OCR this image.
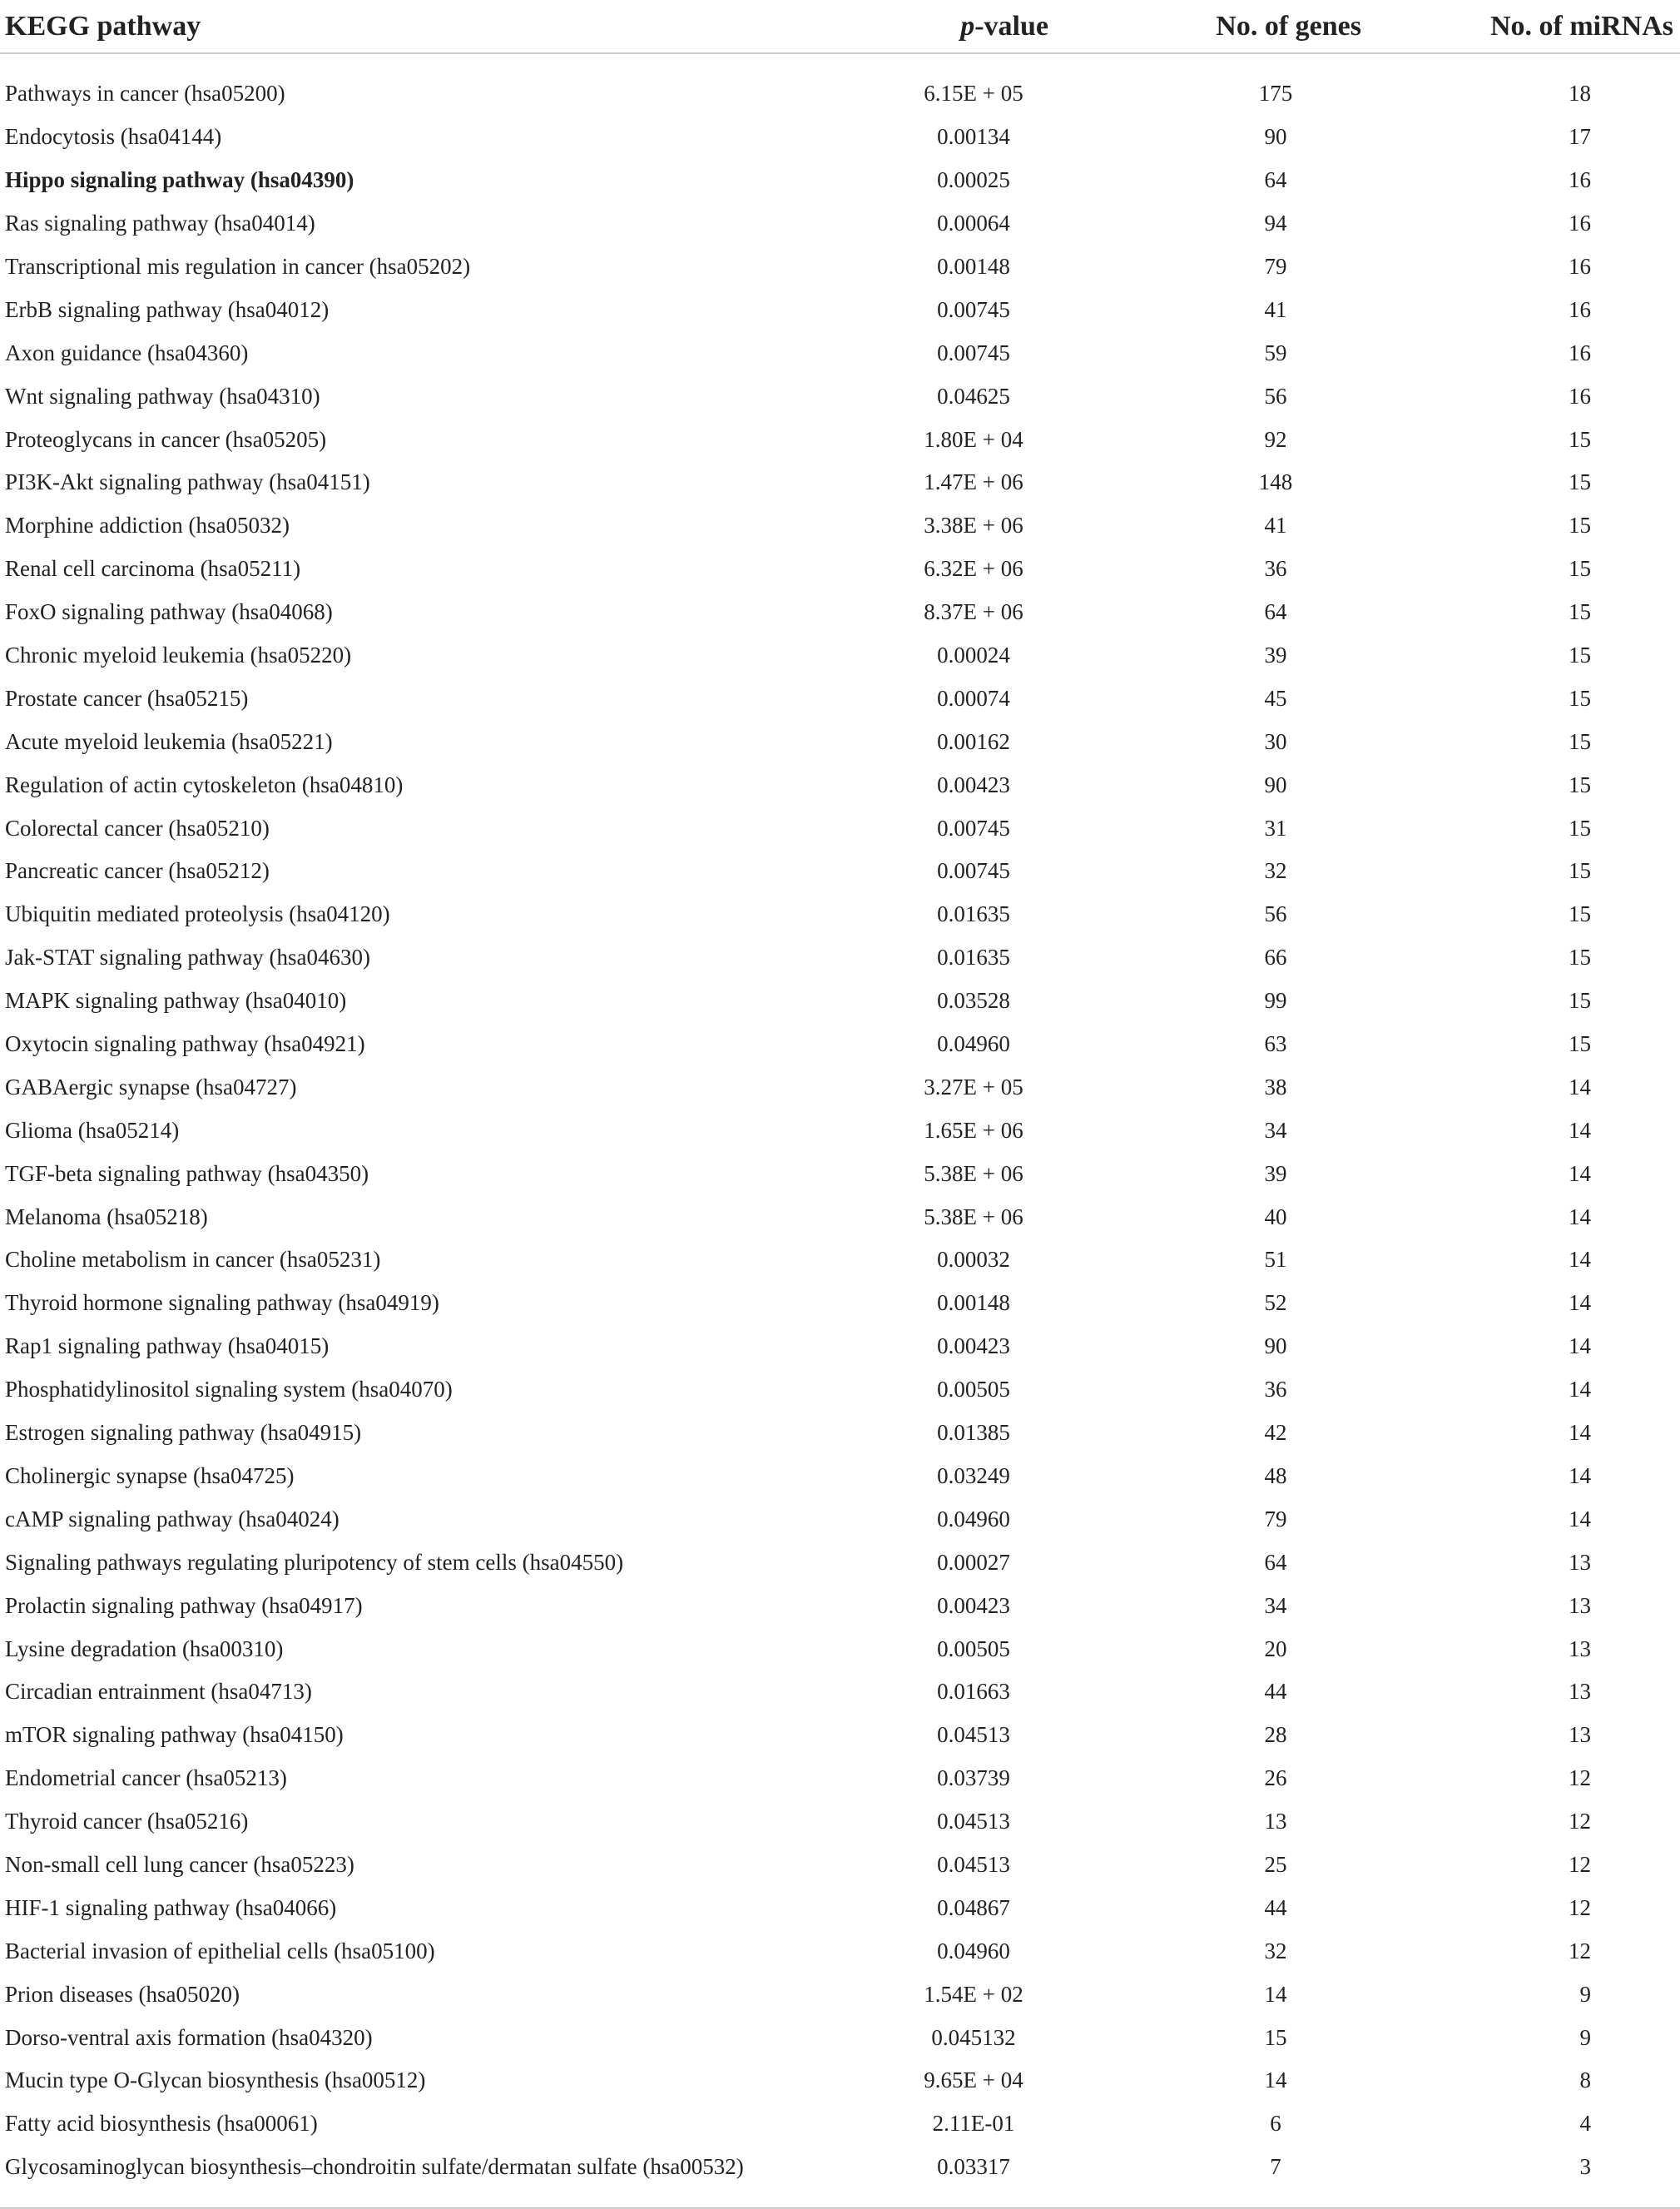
KEGG pathway	p-value	No. of genes	No. of miRNAs

Pathways in cancer (hsa05200)	6.15E + 05	175	18
Endocytosis (hsa04144)	0.00134	90	17
Hippo signaling pathway (hsa04390)	0.00025	64	16
Ras signaling pathway (hsa04014)	0.00064	94	16
Transcriptional mis regulation in cancer (hsa05202)	0.00148	79	16
ErbB signaling pathway (hsa04012)	0.00745	41	16
Axon guidance (hsa04360)	0.00745	59	16
Wnt signaling pathway (hsa04310)	0.04625	56	16
Proteoglycans in cancer (hsa05205)	1.80E + 04	92	15
PI3K-Akt signaling pathway (hsa04151)	1.47E + 06	148	15
Morphine addiction (hsa05032)	3.38E + 06	41	15
Renal cell carcinoma (hsa05211)	6.32E + 06	36	15
FoxO signaling pathway (hsa04068)	8.37E + 06	64	15
Chronic myeloid leukemia (hsa05220)	0.00024	39	15
Prostate cancer (hsa05215)	0.00074	45	15
Acute myeloid leukemia (hsa05221)	0.00162	30	15
Regulation of actin cytoskeleton (hsa04810)	0.00423	90	15
Colorectal cancer (hsa05210)	0.00745	31	15
Pancreatic cancer (hsa05212)	0.00745	32	15
Ubiquitin mediated proteolysis (hsa04120)	0.01635	56	15
Jak-STAT signaling pathway (hsa04630)	0.01635	66	15
MAPK signaling pathway (hsa04010)	0.03528	99	15
Oxytocin signaling pathway (hsa04921)	0.04960	63	15
GABAergic synapse (hsa04727)	3.27E + 05	38	14
Glioma (hsa05214)	1.65E + 06	34	14
TGF-beta signaling pathway (hsa04350)	5.38E + 06	39	14
Melanoma (hsa05218)	5.38E + 06	40	14
Choline metabolism in cancer (hsa05231)	0.00032	51	14
Thyroid hormone signaling pathway (hsa04919)	0.00148	52	14
Rap1 signaling pathway (hsa04015)	0.00423	90	14
Phosphatidylinositol signaling system (hsa04070)	0.00505	36	14
Estrogen signaling pathway (hsa04915)	0.01385	42	14
Cholinergic synapse (hsa04725)	0.03249	48	14
cAMP signaling pathway (hsa04024)	0.04960	79	14
Signaling pathways regulating pluripotency of stem cells (hsa04550)	0.00027	64	13
Prolactin signaling pathway (hsa04917)	0.00423	34	13
Lysine degradation (hsa00310)	0.00505	20	13
Circadian entrainment (hsa04713)	0.01663	44	13
mTOR signaling pathway (hsa04150)	0.04513	28	13
Endometrial cancer (hsa05213)	0.03739	26	12
Thyroid cancer (hsa05216)	0.04513	13	12
Non-small cell lung cancer (hsa05223)	0.04513	25	12
HIF-1 signaling pathway (hsa04066)	0.04867	44	12
Bacterial invasion of epithelial cells (hsa05100)	0.04960	32	12
Prion diseases (hsa05020)	1.54E + 02	14	9
Dorso-ventral axis formation (hsa04320)	0.045132	15	9
Mucin type O-Glycan biosynthesis (hsa00512)	9.65E + 04	14	8
Fatty acid biosynthesis (hsa00061)	2.11E-01	6	4
Glycosaminoglycan biosynthesis–chondroitin sulfate/dermatan sulfate (hsa00532)	0.03317	7	3
